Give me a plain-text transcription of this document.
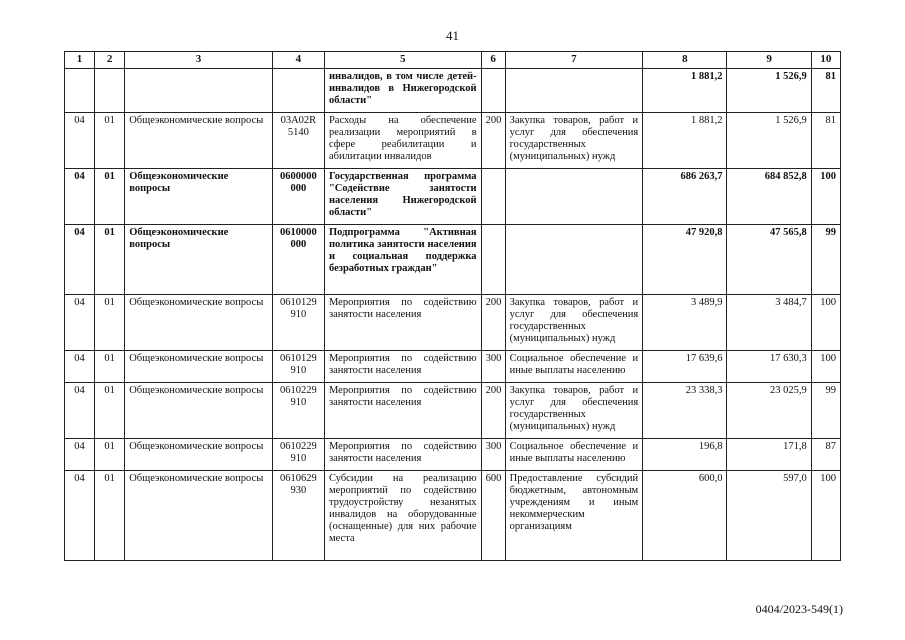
41
1	2	3	4	5	6	7	8	9	10
				инвалидов, в том числе детей-инвалидов в Нижегородской области"			1 881,2	1 526,9	81
04	01	Общеэкономические вопросы	03А02R 5140	Расходы на обеспечение реализации мероприятий в сфере реабилитации и абилитации инвалидов	200	Закупка товаров, работ и услуг для обеспечения государственных (муниципальных) нужд	1 881,2	1 526,9	81
04	01	Общеэкономические вопросы	0600000 000	Государственная программа "Содействие занятости населения Нижегородской области"			686 263,7	684 852,8	100
04	01	Общеэкономические вопросы	0610000 000	Подпрограмма "Активная политика занятости населения и социальная поддержка безработных граждан"			47 920,8	47 565,8	99
04	01	Общеэкономические вопросы	0610129 910	Мероприятия по содействию занятости населения	200	Закупка товаров, работ и услуг для обеспечения государственных (муниципальных) нужд	3 489,9	3 484,7	100
04	01	Общеэкономические вопросы	0610129 910	Мероприятия по содействию занятости населения	300	Социальное обеспечение и иные выплаты населению	17 639,6	17 630,3	100
04	01	Общеэкономические вопросы	0610229 910	Мероприятия по содействию занятости населения	200	Закупка товаров, работ и услуг для обеспечения государственных (муниципальных) нужд	23 338,3	23 025,9	99
04	01	Общеэкономические вопросы	0610229 910	Мероприятия по содействию занятости населения	300	Социальное обеспечение и иные выплаты населению	196,8	171,8	87
04	01	Общеэкономические вопросы	0610629 930	Субсидии на реализацию мероприятий по содействию трудоустройству незанятых инвалидов на оборудованные (оснащенные) для них рабочие места	600	Предоставление субсидий бюджетным, автономным учреждениям и иным некоммерческим организациям	600,0	597,0	100
0404/2023-549(1)
